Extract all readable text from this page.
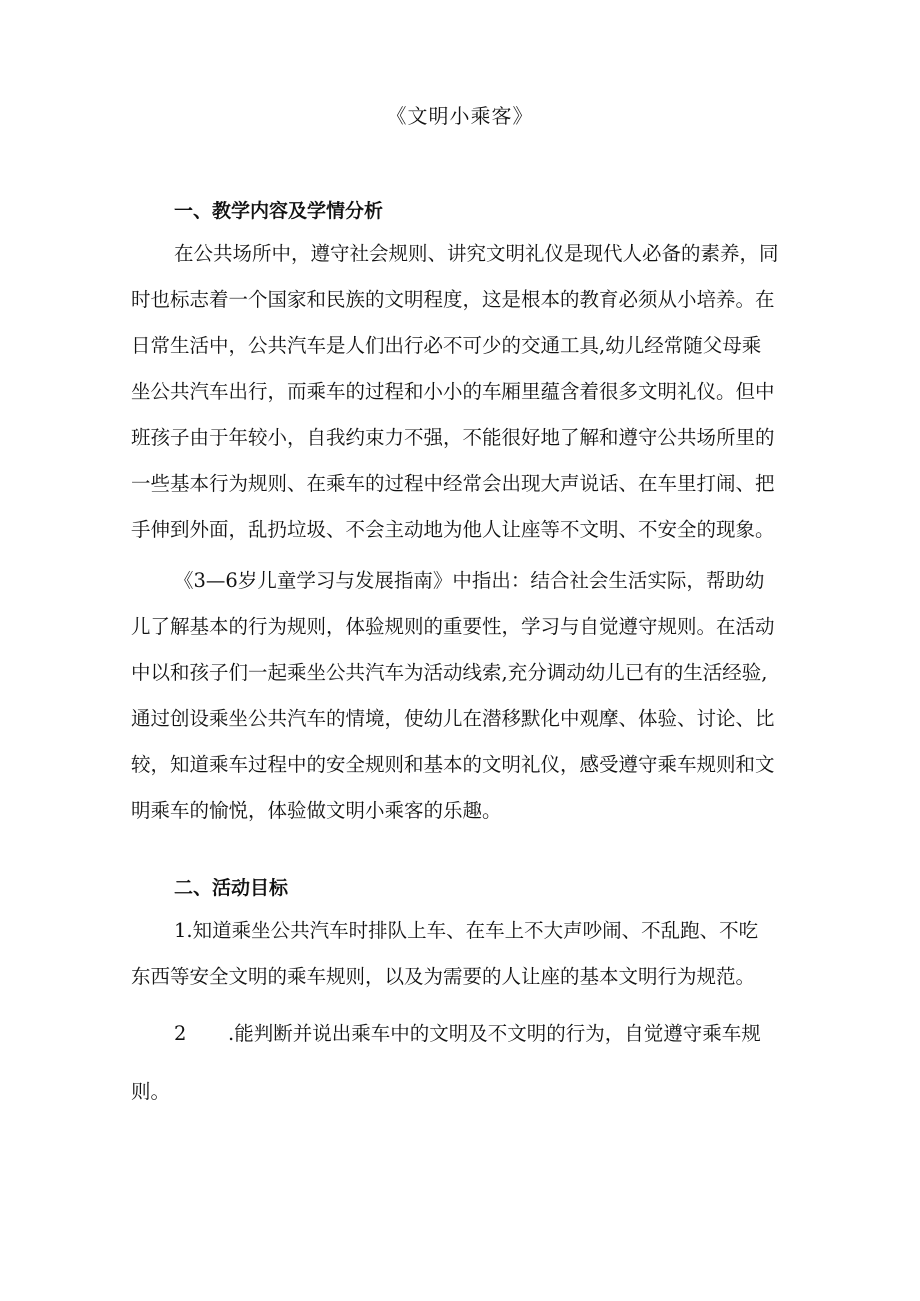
《文明小乘客》
一、教学内容及学情分析
在公共场所中，遵守社会规则、讲究文明礼仪是现代人必备的素养，同
时也标志着一个国家和民族的文明程度，这是根本的教育必须从小培养。在
日常生活中，公共汽车是人们出行必不可少的交通工具,幼儿经常随父母乘
坐公共汽车出行，而乘车的过程和小小的车厢里蕴含着很多文明礼仪。但中
班孩子由于年较小，自我约束力不强，不能很好地了解和遵守公共场所里的
一些基本行为规则、在乘车的过程中经常会出现大声说话、在车里打闹、把
手伸到外面，乱扔垃圾、不会主动地为他人让座等不文明、不安全的现象。
《3—6岁儿童学习与发展指南》中指出：结合社会生活实际，帮助幼
儿了解基本的行为规则，体验规则的重要性，学习与自觉遵守规则。在活动
中以和孩子们一起乘坐公共汽车为活动线索,充分调动幼儿已有的生活经验,
通过创设乘坐公共汽车的情境，使幼儿在潜移默化中观摩、体验、讨论、比
较，知道乘车过程中的安全规则和基本的文明礼仪，感受遵守乘车规则和文
明乘车的愉悦，体验做文明小乘客的乐趣。
二、活动目标
1.知道乘坐公共汽车时排队上车、在车上不大声吵闹、不乱跑、不吃
东西等安全文明的乘车规则，以及为需要的人让座的基本文明行为规范。
2 .能判断并说出乘车中的文明及不文明的行为，自觉遵守乘车规
则。
